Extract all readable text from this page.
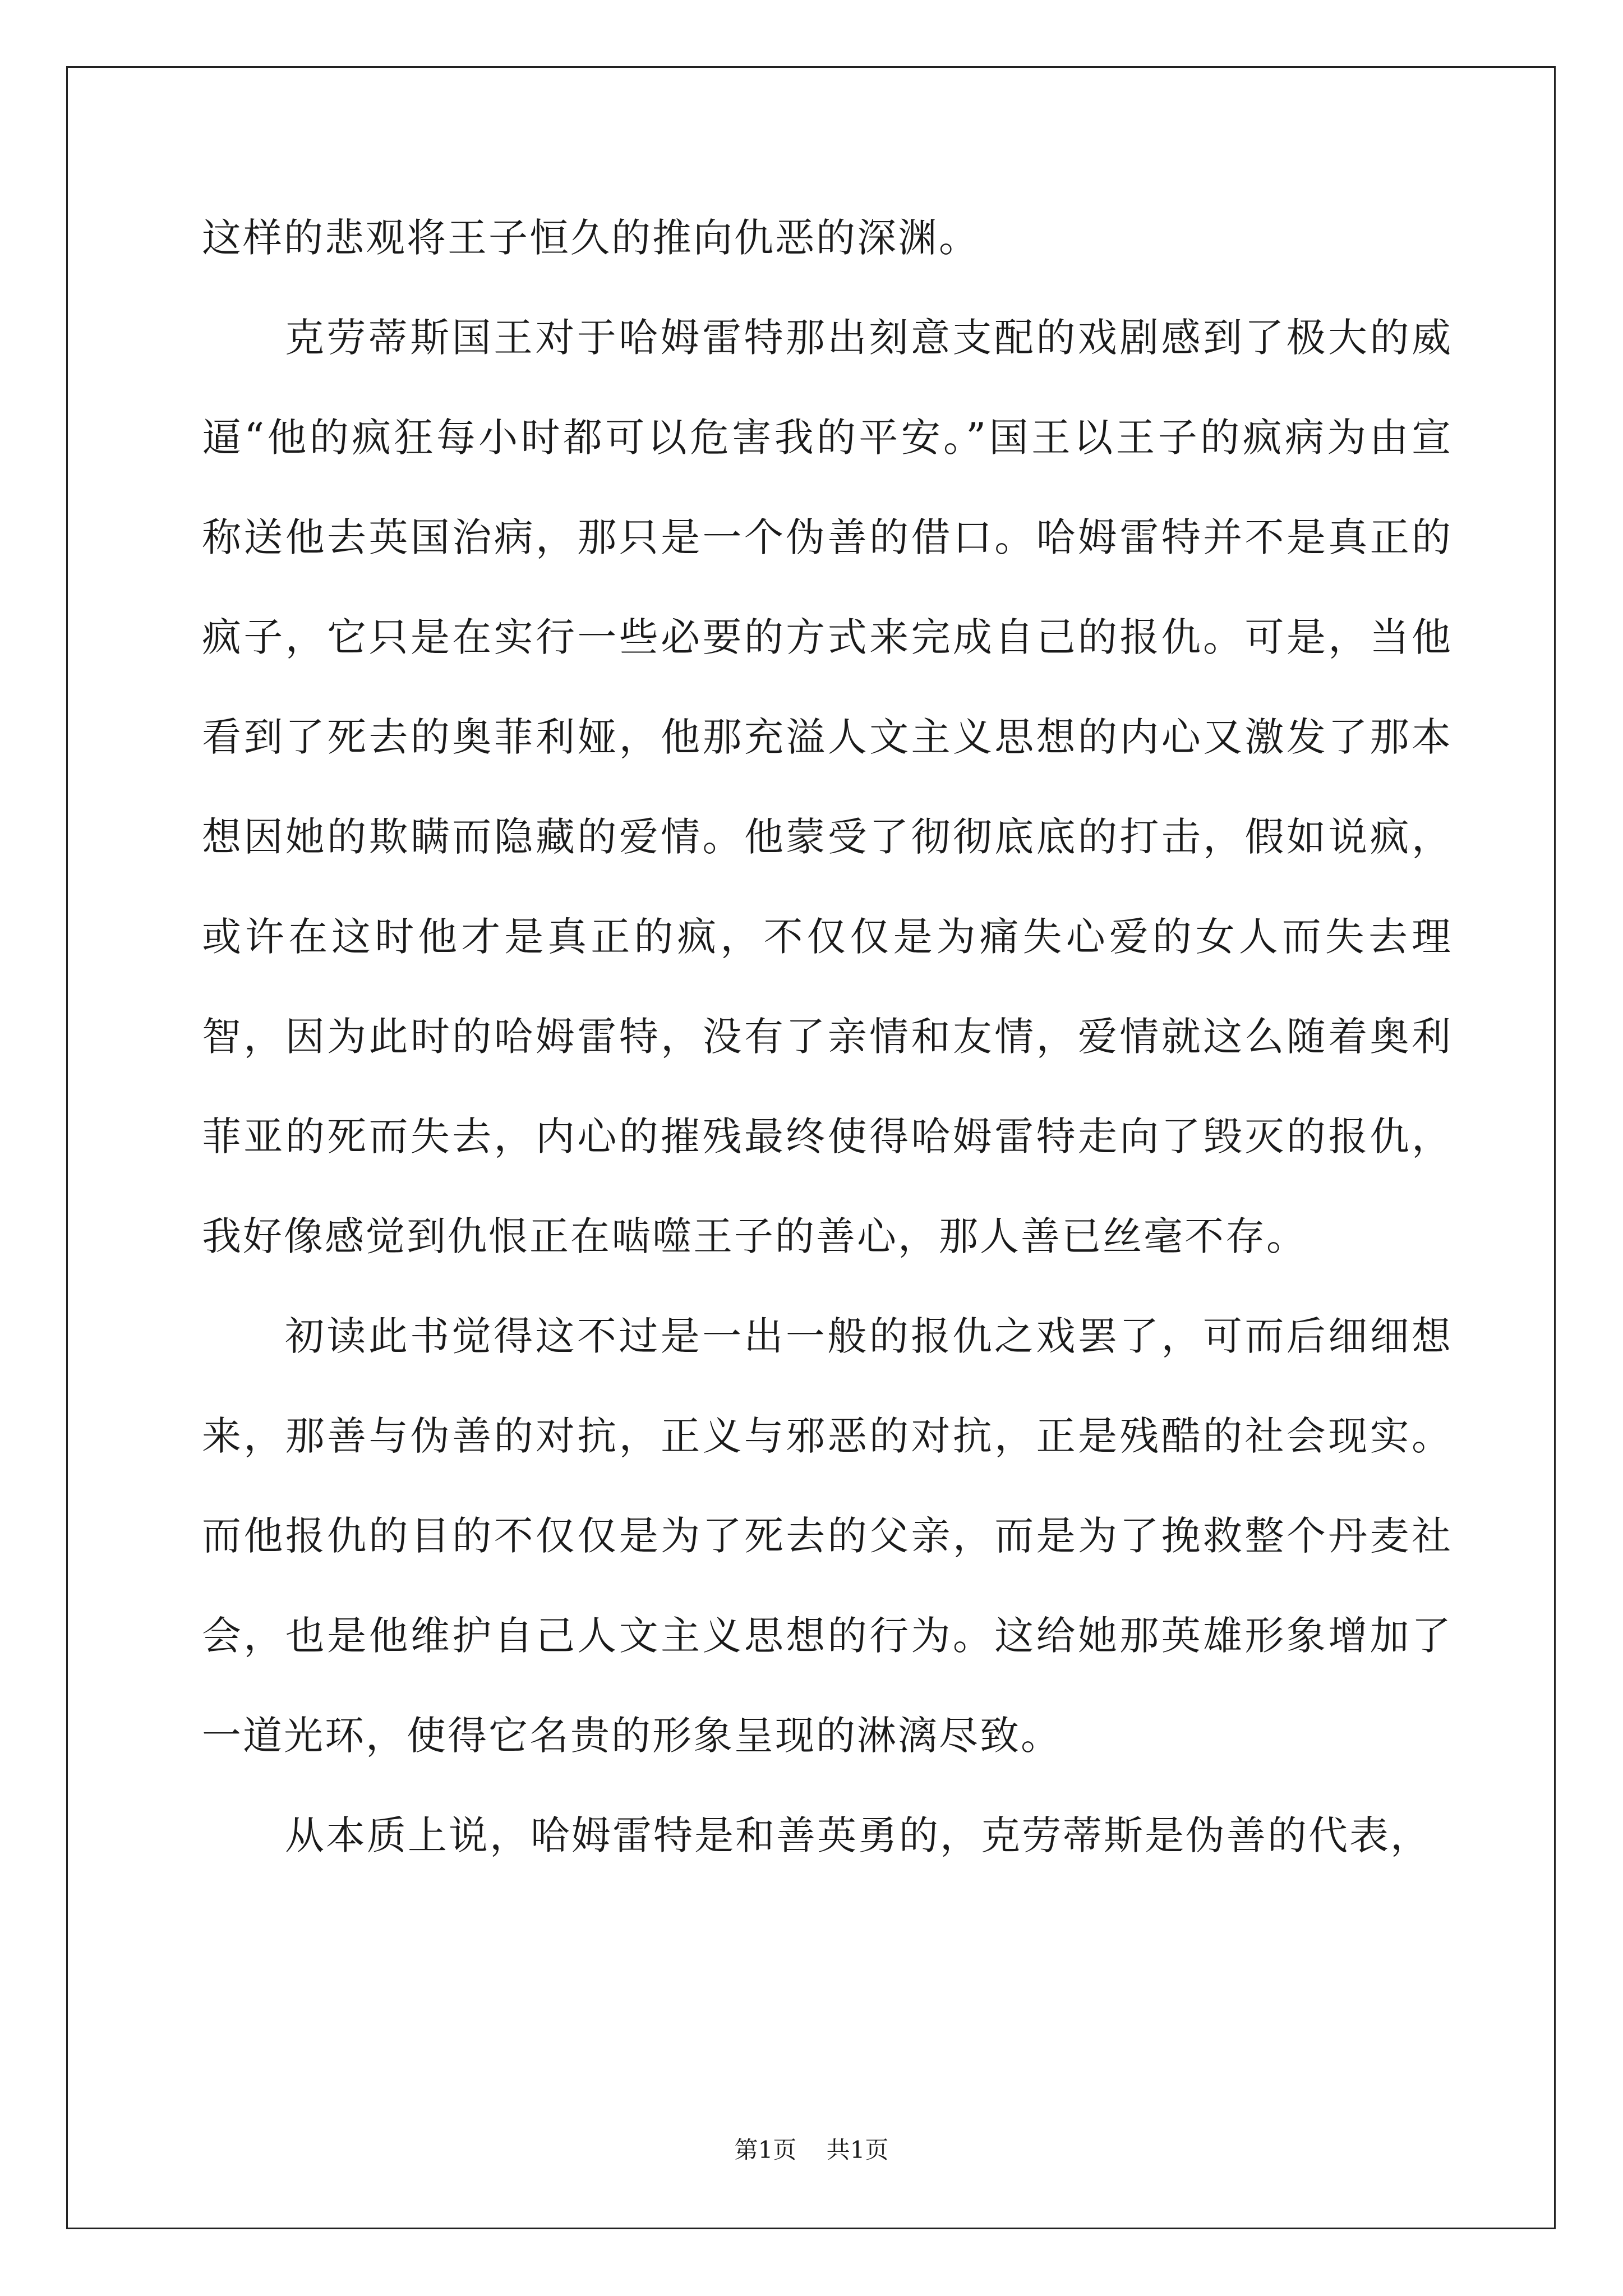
这样的悲观将王子恒久的推向仇恶的深渊。

克劳蒂斯国王对于哈姆雷特那出刻意支配的戏剧感到了极大的威逼“他的疯狂每小时都可以危害我的平安。”国王以王子的疯病为由宣称送他去英国治病，那只是一个伪善的借口。哈姆雷特并不是真正的疯子，它只是在实行一些必要的方式来完成自己的报仇。可是，当他看到了死去的奥菲利娅，他那充溢人文主义思想的内心又激发了那本想因她的欺瞒而隐藏的爱情。他蒙受了彻彻底底的打击，假如说疯，或许在这时他才是真正的疯，不仅仅是为痛失心爱的女人而失去理智，因为此时的哈姆雷特，没有了亲情和友情，爱情就这么随着奥利菲亚的死而失去，内心的摧残最终使得哈姆雷特走向了毁灭的报仇，我好像感觉到仇恨正在啮噬王子的善心，那人善已丝毫不存。

初读此书觉得这不过是一出一般的报仇之戏罢了，可而后细细想来，那善与伪善的对抗，正义与邪恶的对抗，正是残酷的社会现实。而他报仇的目的不仅仅是为了死去的父亲，而是为了挽救整个丹麦社会，也是他维护自己人文主义思想的行为。这给她那英雄形象增加了一道光环，使得它名贵的形象呈现的淋漓尽致。

从本质上说，哈姆雷特是和善英勇的，克劳蒂斯是伪善的代表，

第1页 共1页
